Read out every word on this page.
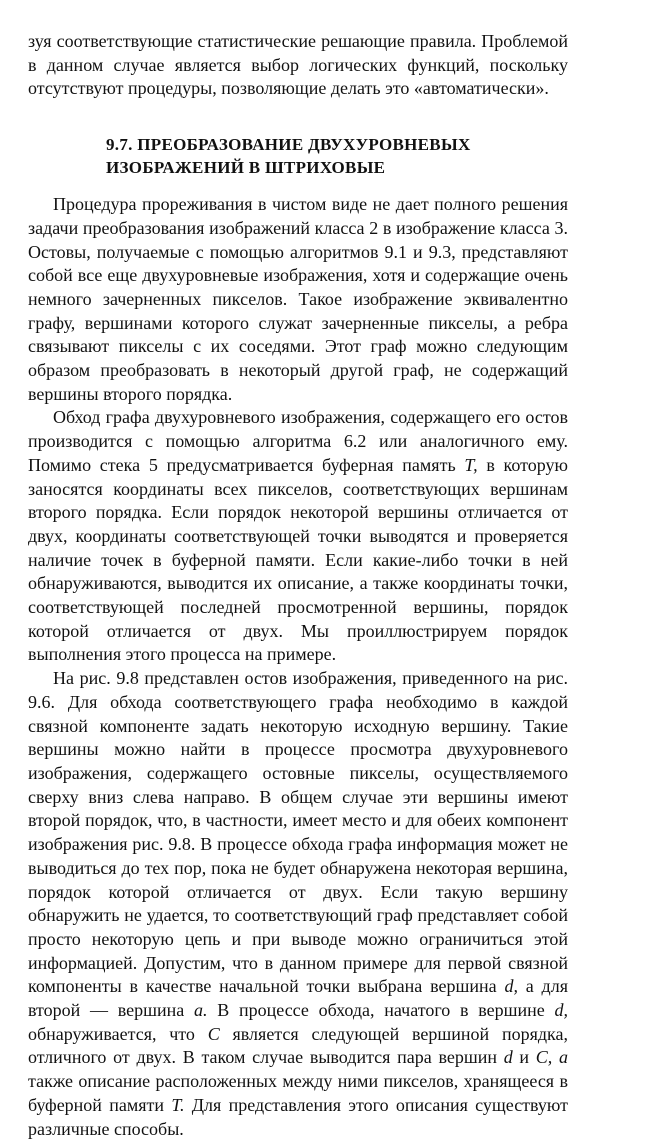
зуя соответствующие статистические решающие правила. Проблемой в данном случае является выбор логических функций, поскольку отсутствуют процедуры, позволяющие делать это «автоматически».

9.7. ПРЕОБРАЗОВАНИЕ ДВУХУРОВНЕВЫХ
ИЗОБРАЖЕНИЙ В ШТРИХОВЫЕ

Процедура прореживания в чистом виде не дает полного решения задачи преобразования изображений класса 2 в изображение класса 3. Остовы, получаемые с помощью алгоритмов 9.1 и 9.3, представляют собой все еще двухуровневые изображения, хотя и содержащие очень немного зачерненных пикселов. Такое изображение эквивалентно графу, вершинами которого служат зачерненные пикселы, а ребра связывают пикселы с их соседями. Этот граф можно следующим образом преобразовать в некоторый другой граф, не содержащий вершины второго порядка.

Обход графа двухуровневого изображения, содержащего его остов производится с помощью алгоритма 6.2 или аналогичного ему. Помимо стека 5 предусматривается буферная память T, в которую заносятся координаты всех пикселов, соответствующих вершинам второго порядка. Если порядок некоторой вершины отличается от двух, координаты соответствующей точки выводятся и проверяется наличие точек в буферной памяти. Если какие-либо точки в ней обнаруживаются, выводится их описание, а также координаты точки, соответствующей последней просмотренной вершины, порядок которой отличается от двух. Мы проиллюстрируем порядок выполнения этого процесса на примере.

На рис. 9.8 представлен остов изображения, приведенного на рис. 9.6. Для обхода соответствующего графа необходимо в каждой связной компоненте задать некоторую исходную вершину. Такие вершины можно найти в процессе просмотра двухуровневого изображения, содержащего остовные пикселы, осуществляемого сверху вниз слева направо. В общем случае эти вершины имеют второй порядок, что, в частности, имеет место и для обеих компонент изображения рис. 9.8. В процессе обхода графа информация может не выводиться до тех пор, пока не будет обнаружена некоторая вершина, порядок которой отличается от двух. Если такую вершину обнаружить не удается, то соответствующий граф представляет собой просто некоторую цепь и при выводе можно ограничиться этой информацией. Допустим, что в данном примере для первой связной компоненты в качестве начальной точки выбрана вершина d, а для второй — вершина a. В процессе обхода, начатого в вершине d, обнаруживается, что C является следующей вершиной порядка, отличного от двух. В таком случае выводится пара вершин d и C, a также описание расположенных между ними пикселов, хранящееся в буферной памяти T. Для представления этого описания существуют различные способы.
